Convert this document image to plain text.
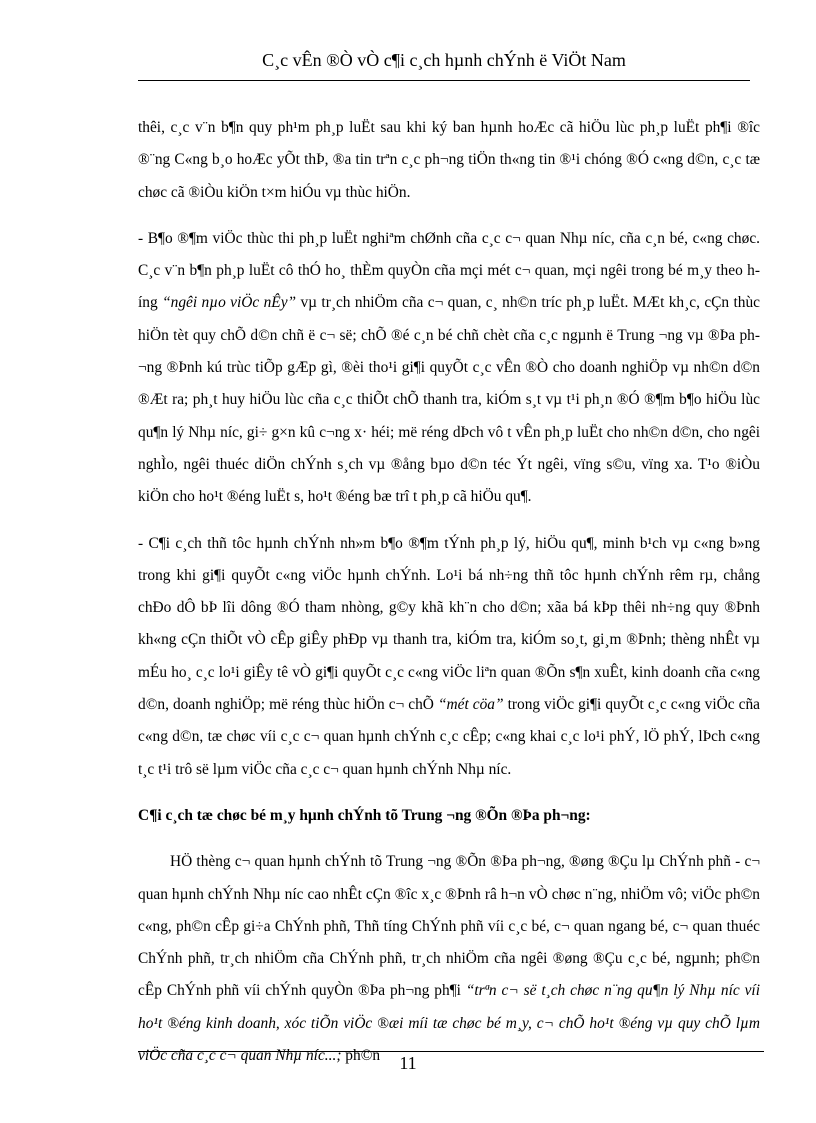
C¸c vÊn ®Ò vÒ c¶i c¸ch hµnh chÝnh ë ViÖt Nam

thêi, c¸c v¨n b¶n quy ph¹m ph¸p luËt sau khi ký ban hµnh hoÆc cã hiÖu lùc ph¸p luËt ph¶i ®îc ®¨ng C«ng b¸o hoÆc yÕt thÞ, ®a tin trªn c¸c ph¬ng tiÖn th«ng tin ®¹i chóng ®Ó c«ng d©n, c¸c tæ chøc cã ®iÒu kiÖn t×m hiÓu vµ thùc hiÖn.

- B¶o ®¶m viÖc thùc thi ph¸p luËt nghiªm chØnh cña c¸c c¬ quan Nhµ níc, cña c¸n bé, c«ng chøc. C¸c v¨n b¶n ph¸p luËt cô thÓ ho¸ thÈm quyÒn cña mçi mét c¬ quan, mçi ngêi trong bé m¸y theo híng “ngêi nµo viÖc nÊy” vµ tr¸ch nhiÖm cña c¬ quan, c¸ nh©n tríc ph¸p luËt. MÆt kh¸c, cÇn thùc hiÖn tèt quy chÕ d©n chñ ë c¬ së; chÕ ®é c¸n bé chñ chèt cña c¸c ngµnh ë Trung ¬ng vµ ®Þa ph¬ng ®Þnh kú trùc tiÕp gÆp gì, ®èi tho¹i gi¶i quyÕt c¸c vÊn ®Ò cho doanh nghiÖp vµ nh©n d©n ®Æt ra; ph¸t huy hiÖu lùc cña c¸c thiÕt chÕ thanh tra, kiÓm s¸t vµ t¹i ph¸n ®Ó ®¶m b¶o hiÖu lùc qu¶n lý Nhµ níc, gi÷ g×n kû c¬ng x· héi; më réng dÞch vô t vÊn ph¸p luËt cho nh©n d©n, cho ngêi nghÌo, ngêi thuéc diÖn chÝnh s¸ch vµ ®ång bµo d©n téc Ýt ngêi, vïng s©u, vïng xa. T¹o ®iÒu kiÖn cho ho¹t ®éng luËt s, ho¹t ®éng bæ trî t ph¸p cã hiÖu qu¶.

- C¶i c¸ch thñ tôc hµnh chÝnh nh»m b¶o ®¶m tÝnh ph¸p lý, hiÖu qu¶, minh b¹ch vµ c«ng b»ng trong khi gi¶i quyÕt c«ng viÖc hµnh chÝnh. Lo¹i bá nh÷ng thñ tôc hµnh chÝnh rêm rµ, chång chÐo dÔ bÞ lîi dông ®Ó tham nhòng, g©y khã kh¨n cho d©n; xãa bá kÞp thêi nh÷ng quy ®Þnh kh«ng cÇn thiÕt vÒ cÊp giÊy phÐp vµ thanh tra, kiÓm tra, kiÓm so¸t, gi¸m ®Þnh; thèng nhÊt vµ mÉu ho¸ c¸c lo¹i giÊy tê vÒ gi¶i quyÕt c¸c c«ng viÖc liªn quan ®Õn s¶n xuÊt, kinh doanh cña c«ng d©n, doanh nghiÖp; më réng thùc hiÖn c¬ chÕ “mét cöa” trong viÖc gi¶i quyÕt c¸c c«ng viÖc cña c«ng d©n, tæ chøc víi c¸c c¬ quan hµnh chÝnh c¸c cÊp; c«ng khai c¸c lo¹i phÝ, lÖ phÝ, lÞch c«ng t¸c t¹i trô së lµm viÖc cña c¸c c¬ quan hµnh chÝnh Nhµ níc.

C¶i c¸ch tæ chøc bé m¸y hµnh chÝnh tõ Trung ¬ng ®Õn ®Þa ph¬ng:

HÖ thèng c¬ quan hµnh chÝnh tõ Trung ¬ng ®Õn ®Þa ph¬ng, ®øng ®Çu lµ ChÝnh phñ - c¬ quan hµnh chÝnh Nhµ níc cao nhÊt cÇn ®îc x¸c ®Þnh râ h¬n vÒ chøc n¨ng, nhiÖm vô; viÖc ph©n c«ng, ph©n cÊp gi÷a ChÝnh phñ, Thñ tíng ChÝnh phñ víi c¸c bé, c¬ quan ngang bé, c¬ quan thuéc ChÝnh phñ, tr¸ch nhiÖm cña ChÝnh phñ, tr¸ch nhiÖm cña ngêi ®øng ®Çu c¸c bé, ngµnh; ph©n cÊp ChÝnh phñ víi chÝnh quyÒn ®Þa ph¬ng ph¶i “trªn c¬ së t¸ch chøc n¨ng qu¶n lý Nhµ níc víi ho¹t ®éng kinh doanh, xóc tiÕn viÖc ®æi míi tæ chøc bé m¸y, c¬ chÕ ho¹t ®éng vµ quy chÕ lµm viÖc cña c¸c c¬ quan Nhµ níc...; ph©n	11
